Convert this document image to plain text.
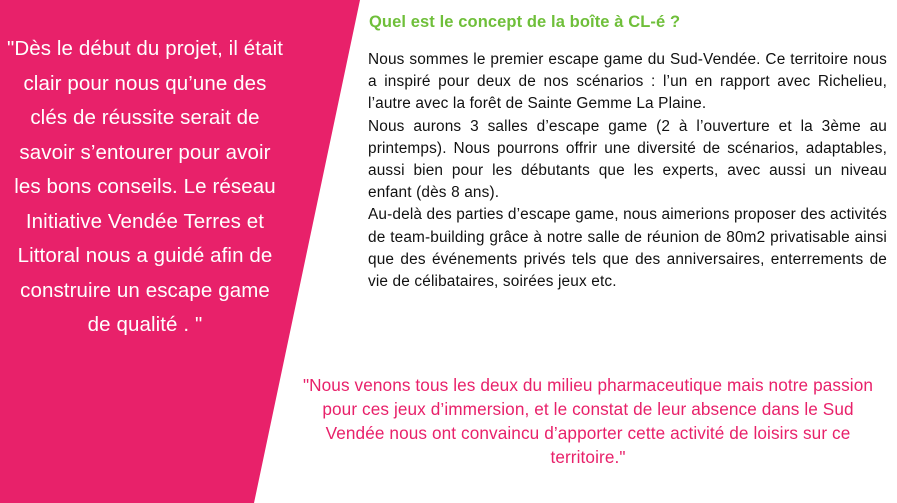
"Dès le début du projet, il était clair pour nous qu’une des clés de réussite serait de savoir s’entourer pour avoir les bons conseils. Le réseau Initiative Vendée Terres et Littoral nous a guidé afin de construire un escape game de qualité . "
Quel est le concept de la boîte à CL-é ?

Nous sommes le premier escape game du Sud-Vendée. Ce territoire nous a inspiré pour deux de nos scénarios : l’un en rapport avec Richelieu, l’autre avec la forêt de Sainte Gemme La Plaine.

Nous aurons 3 salles d’escape game (2 à l’ouverture et la 3ème au printemps). Nous pourrons offrir une diversité de scénarios, adaptables, aussi bien pour les débutants que les experts, avec aussi un niveau enfant (dès 8 ans).

Au-delà des parties d’escape game, nous aimerions proposer des activités de team-building grâce à notre salle de réunion de 80m2 privatisable ainsi que des événements privés tels que des anniversaires, enterrements de vie de célibataires, soirées jeux etc.

"Nous venons tous les deux du milieu pharmaceutique mais notre passion pour ces jeux d’immersion, et le constat de leur absence dans le Sud Vendée nous ont convaincu d’apporter cette activité de loisirs sur ce territoire."
